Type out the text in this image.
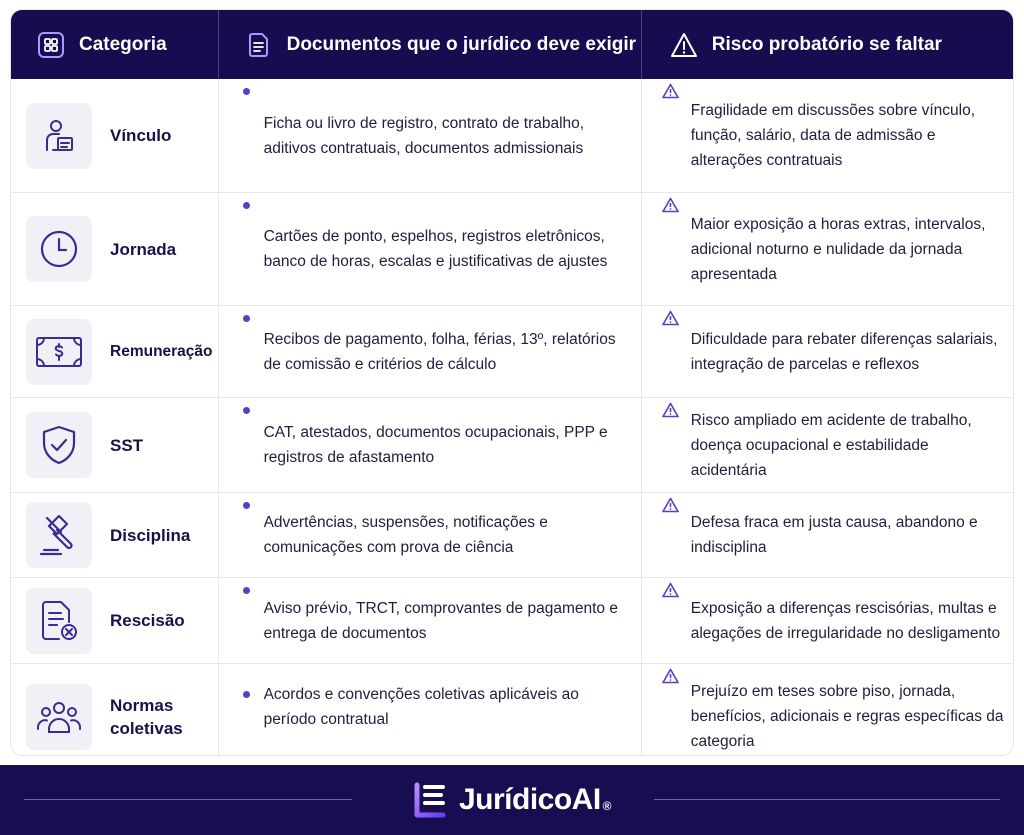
Categoria	Documentos que o jurídico deve exigir	Risco probatório se faltar
Vínculo
Ficha ou livro de registro, contrato de trabalho, aditivos contratuais, documentos admissionais
Fragilidade em discussões sobre vínculo, função, salário, data de admissão e alterações contratuais
Jornada
Cartões de ponto, espelhos, registros eletrônicos, banco de horas, escalas e justificativas de ajustes
Maior exposição a horas extras, intervalos, adicional noturno e nulidade da jornada apresentada
Remuneração
Recibos de pagamento, folha, férias, 13º, relatórios de comissão e critérios de cálculo
Dificuldade para rebater diferenças salariais, integração de parcelas e reflexos
SST
CAT, atestados, documentos ocupacionais, PPP e registros de afastamento
Risco ampliado em acidente de trabalho, doença ocupacional e estabilidade acidentária
Disciplina
Advertências, suspensões, notificações e comunicações com prova de ciência
Defesa fraca em justa causa, abandono e indisciplina
Rescisão
Aviso prévio, TRCT, comprovantes de pagamento e entrega de documentos
Exposição a diferenças rescisórias, multas e alegações de irregularidade no desligamento
Normas coletivas
Acordos e convenções coletivas aplicáveis ao período contratual
Prejuízo em teses sobre piso, jornada, benefícios, adicionais e regras específicas da categoria
JurídicoAI ®
